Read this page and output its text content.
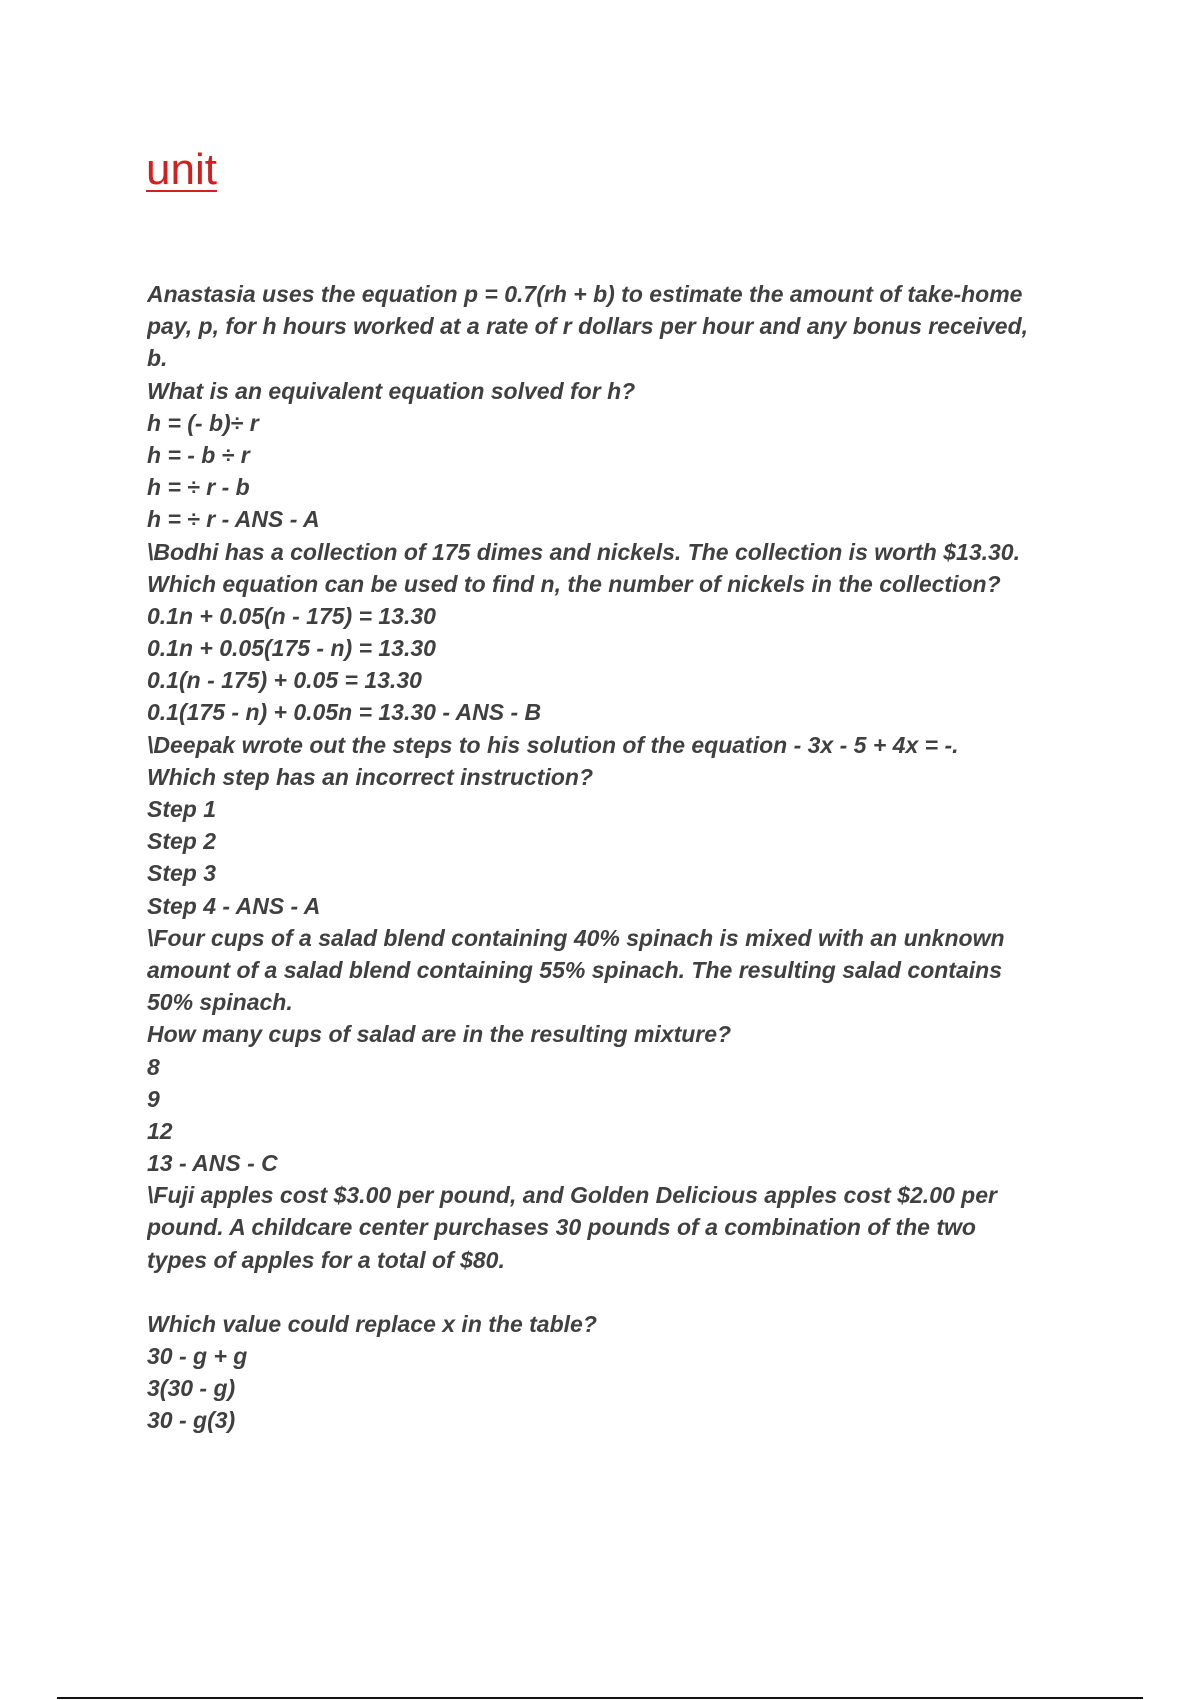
unit
Anastasia uses the equation p = 0.7(rh + b) to estimate the amount of take-home
pay, p, for h hours worked at a rate of r dollars per hour and any bonus received,
b.
What is an equivalent equation solved for h?
h = (- b)÷ r
h = - b ÷ r
h = ÷ r - b
h = ÷ r - ANS - A
\Bodhi has a collection of 175 dimes and nickels. The collection is worth $13.30.
Which equation can be used to find n, the number of nickels in the collection?
0.1n + 0.05(n - 175) = 13.30
0.1n + 0.05(175 - n) = 13.30
0.1(n - 175) + 0.05 = 13.30
0.1(175 - n) + 0.05n = 13.30 - ANS - B
\Deepak wrote out the steps to his solution of the equation - 3x - 5 + 4x = -.
Which step has an incorrect instruction?
Step 1
Step 2
Step 3
Step 4 - ANS - A
\Four cups of a salad blend containing 40% spinach is mixed with an unknown
amount of a salad blend containing 55% spinach. The resulting salad contains
50% spinach.
How many cups of salad are in the resulting mixture?
8
9
12
13 - ANS - C
\Fuji apples cost $3.00 per pound, and Golden Delicious apples cost $2.00 per
pound. A childcare center purchases 30 pounds of a combination of the two
types of apples for a total of $80.
Which value could replace x in the table?
30 - g + g
3(30 - g)
30 - g(3)
